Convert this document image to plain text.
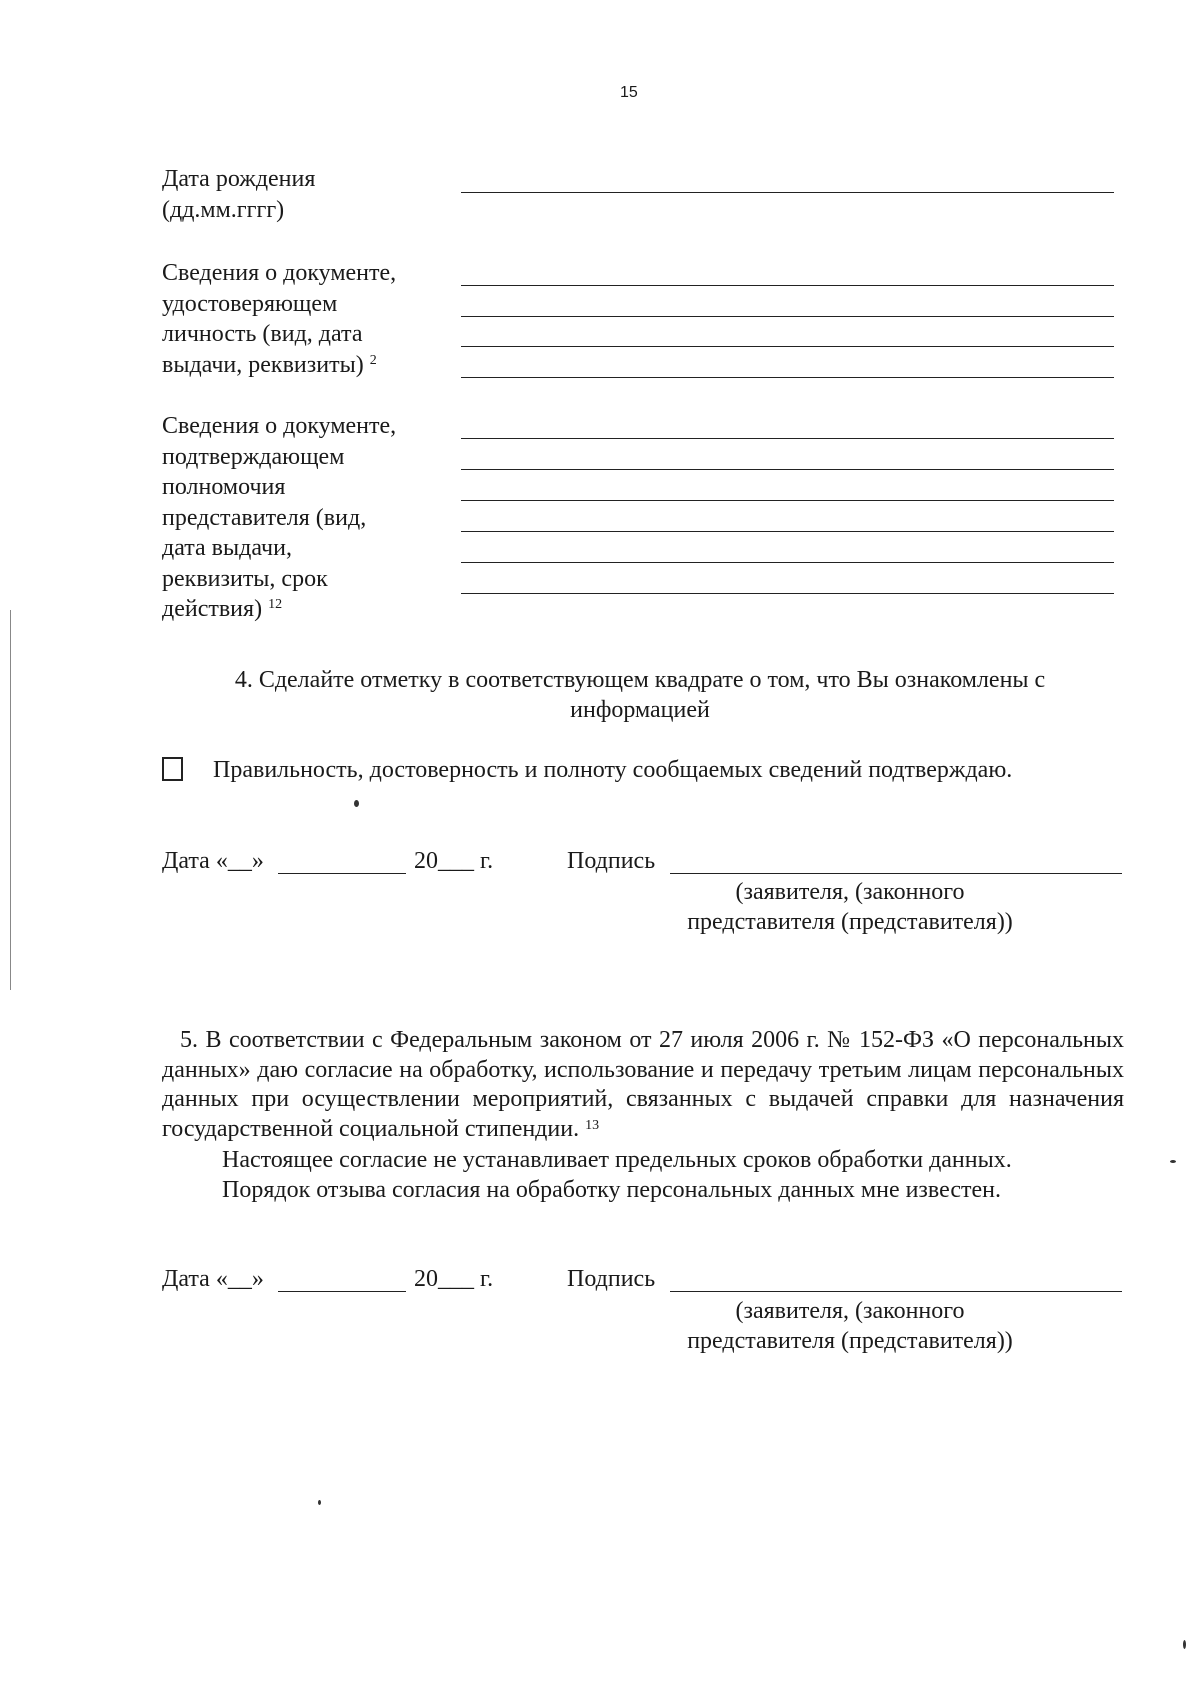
15
Дата рождения
(дд.мм.гггг)
Сведения о документе,
удостоверяющем
личность (вид, дата
выдачи, реквизиты) $^2$
Сведения о документе,
подтверждающем
полномочия
представителя (вид,
дата выдачи,
реквизиты, срок
действия) $^{12}$
4. Сделайте отметку в соответствующем квадрате о том, что Вы ознакомлены с информацией
Правильность, достоверность и полноту сообщаемых сведений подтверждаю.
Дата «__»	20___ г.	Подпись
(заявителя, (законного
представителя (представителя))
5. В соответствии с Федеральным законом от 27 июля 2006 г. № 152-ФЗ «О персональных данных» даю согласие на обработку, использование и передачу третьим лицам персональных данных при осуществлении мероприятий, связанных с выдачей справки для назначения государственной социальной стипендии. $^{13}$
Настоящее согласие не устанавливает предельных сроков обработки данных.
Порядок отзыва согласия на обработку персональных данных мне известен.
Дата «__»	20___ г.	Подпись
(заявителя, (законного
представителя (представителя))
